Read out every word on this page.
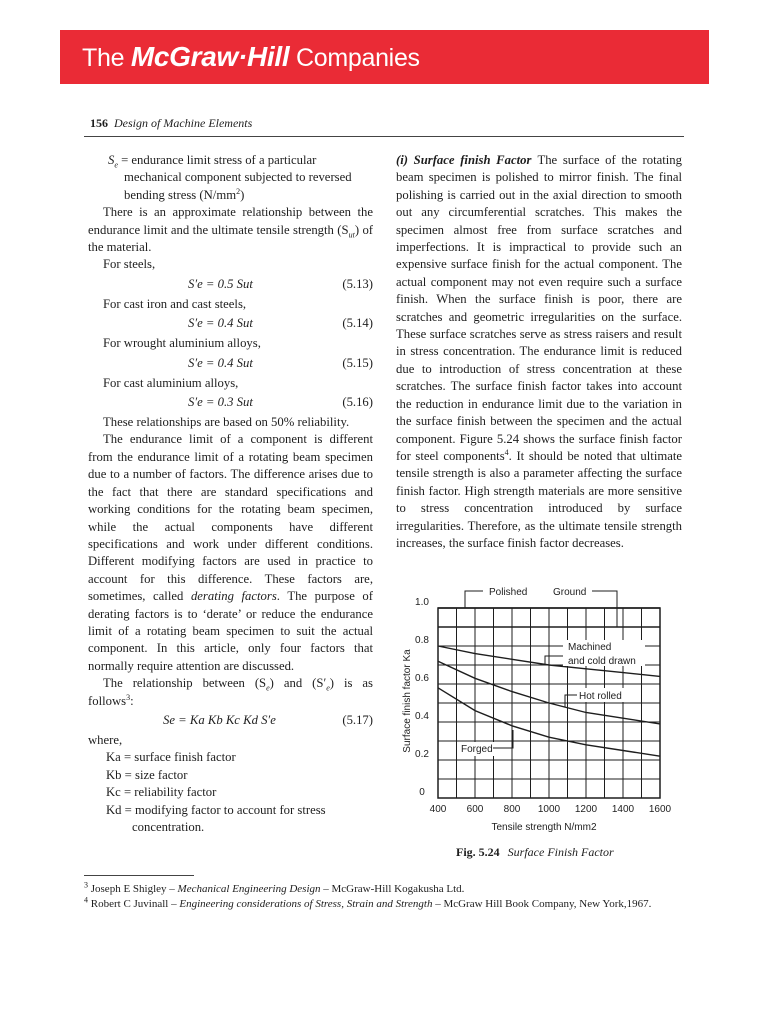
The McGraw·Hill Companies
156 Design of Machine Elements

$S_e$ = endurance limit stress of a particular mechanical component subjected to reversed bending stress $(N/mm^2)$

There is an approximate relationship between the endurance limit and the ultimate tensile strength $(S_{ut})$ of the material.

For steels,

S′e = 0.5 Sut	(5.13)

For cast iron and cast steels,

S′e = 0.4 Sut	(5.14)

For wrought aluminium alloys,

S′e = 0.4 Sut	(5.15)

For cast aluminium alloys,

S′e = 0.3 Sut	(5.16)

These relationships are based on 50% reliability.

The endurance limit of a component is different from the endurance limit of a rotating beam specimen due to a number of factors. The difference arises due to the fact that there are standard specifications and working conditions for the rotating beam specimen, while the actual components have different specifications and work under different conditions. Different modifying factors are used in practice to account for this difference. These factors are, sometimes, called derating factors. The purpose of derating factors is to ‘derate’ or reduce the endurance limit of a rotating beam specimen to suit the actual component. In this article, only four factors that normally require attention are discussed.

The relationship between $(S_e)$ and $(S'_e)$ is as follows$^3$:

Se = Ka Kb Kc Kd S′e	(5.17)

where,

Ka = surface finish factor

Kb = size factor

Kc = reliability factor

Kd = modifying factor to account for stress

concentration.

(i) Surface finish Factor The surface of the rotating beam specimen is polished to mirror finish. The final polishing is carried out in the axial direction to smooth out any circumferential scratches. This makes the specimen almost free from surface scratches and imperfections. It is impractical to provide such an expensive surface finish for the actual component. The actual component may not even require such a surface finish. When the surface finish is poor, there are scratches and geometric irregularities on the surface. These surface scratches serve as stress raisers and result in stress concentration. The endurance limit is reduced due to introduction of stress concentration at these scratches. The surface finish factor takes into account the reduction in endurance limit due to the variation in the surface finish between the specimen and the actual component. Figure 5.24 shows the surface finish factor for steel components$^4$. It should be noted that ultimate tensile strength is also a parameter affecting the surface finish factor. High strength materials are more sensitive to stress concentration introduced by surface irregularities. Therefore, as the ultimate tensile strength increases, the surface finish factor decreases.

400 600 800 1000 1200 1400 1600
0
0.2
0.4
0.6
0.8
1.0
Tensile strength N/mm2
Surface finish factor Ka
Polished	Ground
Machined
and cold drawn
Hot rolled
Forged
Fig. 5.24 Surface Finish Factor

$^3$ Joseph E Shigley – Mechanical Engineering Design – McGraw-Hill Kogakusha Ltd.

$^4$ Robert C Juvinall – Engineering considerations of Stress, Strain and Strength – McGraw Hill Book Company, New York,1967.
